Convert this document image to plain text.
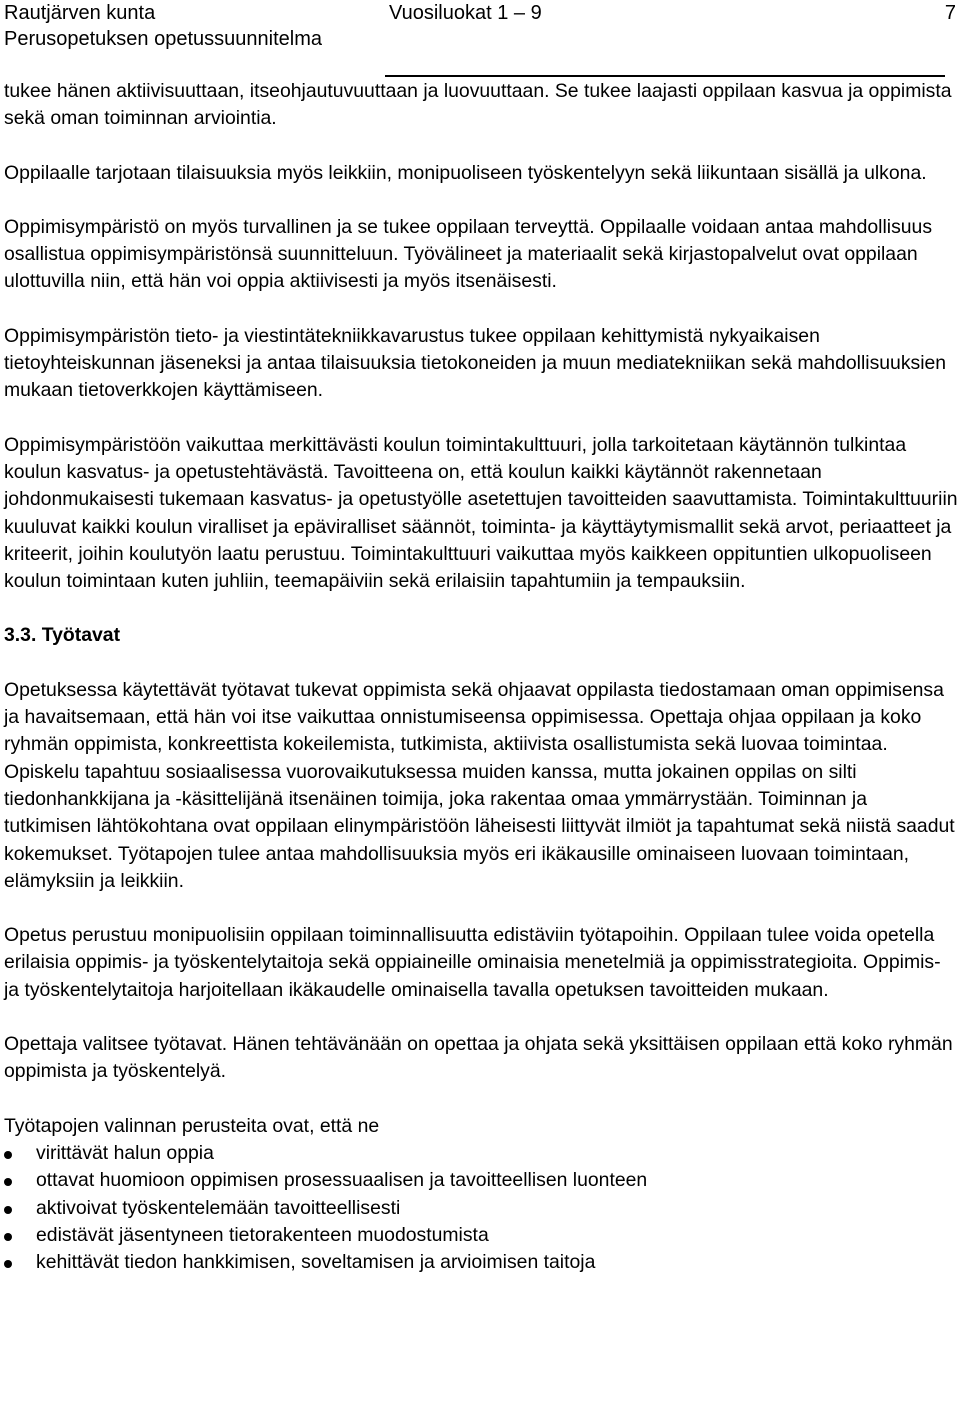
Rautjärven kunta
Perusopetuksen opetussuunnitelma
Vuosiluokat 1 – 9	7

tukee hänen aktiivisuuttaan, itseohjautuvuuttaan ja luovuuttaan. Se tukee laajasti oppilaan kasvua ja oppimista sekä oman toiminnan arviointia.

Oppilaalle tarjotaan tilaisuuksia myös leikkiin, monipuoliseen työskentelyyn sekä liikuntaan sisällä ja ulkona.

Oppimisympäristö on myös turvallinen ja se tukee oppilaan terveyttä. Oppilaalle voidaan antaa mahdollisuus osallistua oppimisympäristönsä suunnitteluun. Työvälineet ja materiaalit sekä kirjastopalvelut ovat oppilaan ulottuvilla niin, että hän voi oppia aktiivisesti ja myös itsenäisesti.

Oppimisympäristön tieto- ja viestintätekniikkavarustus tukee oppilaan kehittymistä nykyaikaisen tietoyhteiskunnan jäseneksi ja antaa tilaisuuksia tietokoneiden ja muun mediatekniikan sekä mahdollisuuksien mukaan tietoverkkojen käyttämiseen.

Oppimisympäristöön vaikuttaa merkittävästi koulun toimintakulttuuri, jolla tarkoitetaan käytännön tulkintaa koulun kasvatus- ja opetustehtävästä. Tavoitteena on, että koulun kaikki käytännöt rakennetaan johdonmukaisesti tukemaan kasvatus- ja opetustyölle asetettujen tavoitteiden saavuttamista. Toimintakulttuuriin kuuluvat kaikki koulun viralliset ja epäviralliset säännöt, toiminta- ja käyttäytymismallit sekä arvot, periaatteet ja kriteerit, joihin koulutyön laatu perustuu. Toimintakulttuuri vaikuttaa myös kaikkeen oppituntien ulkopuoliseen koulun toimintaan kuten juhliin, teemapäiviin sekä erilaisiin tapahtumiin ja tempauksiin.

3.3. Työtavat

Opetuksessa käytettävät työtavat tukevat oppimista sekä ohjaavat oppilasta tiedostamaan oman oppimisensa ja havaitsemaan, että hän voi itse vaikuttaa onnistumiseensa oppimisessa. Opettaja ohjaa oppilaan ja koko ryhmän oppimista, konkreettista kokeilemista, tutkimista, aktiivista osallistumista sekä luovaa toimintaa. Opiskelu tapahtuu sosiaalisessa vuorovaikutuksessa muiden kanssa, mutta jokainen oppilas on silti tiedonhankkijana ja -käsittelijänä itsenäinen toimija, joka rakentaa omaa ymmärrystään. Toiminnan ja tutkimisen lähtökohtana ovat oppilaan elinympäristöön läheisesti liittyvät ilmiöt ja tapahtumat sekä niistä saadut kokemukset. Työtapojen tulee antaa mahdollisuuksia myös eri ikäkausille ominaiseen luovaan toimintaan, elämyksiin ja leikkiin.

Opetus perustuu monipuolisiin oppilaan toiminnallisuutta edistäviin työtapoihin. Oppilaan tulee voida opetella erilaisia oppimis- ja työskentelytaitoja sekä oppiaineille ominaisia menetelmiä ja oppimisstrategioita. Oppimis- ja työskentelytaitoja harjoitellaan ikäkaudelle ominaisella tavalla opetuksen tavoitteiden mukaan.

Opettaja valitsee työtavat. Hänen tehtävänään on opettaa ja ohjata sekä yksittäisen oppilaan että koko ryhmän oppimista ja työskentelyä.

Työtapojen valinnan perusteita ovat, että ne

virittävät halun oppia
ottavat huomioon oppimisen prosessuaalisen ja tavoitteellisen luonteen
aktivoivat työskentelemään tavoitteellisesti
edistävät jäsentyneen tietorakenteen muodostumista
kehittävät tiedon hankkimisen, soveltamisen ja arvioimisen taitoja
